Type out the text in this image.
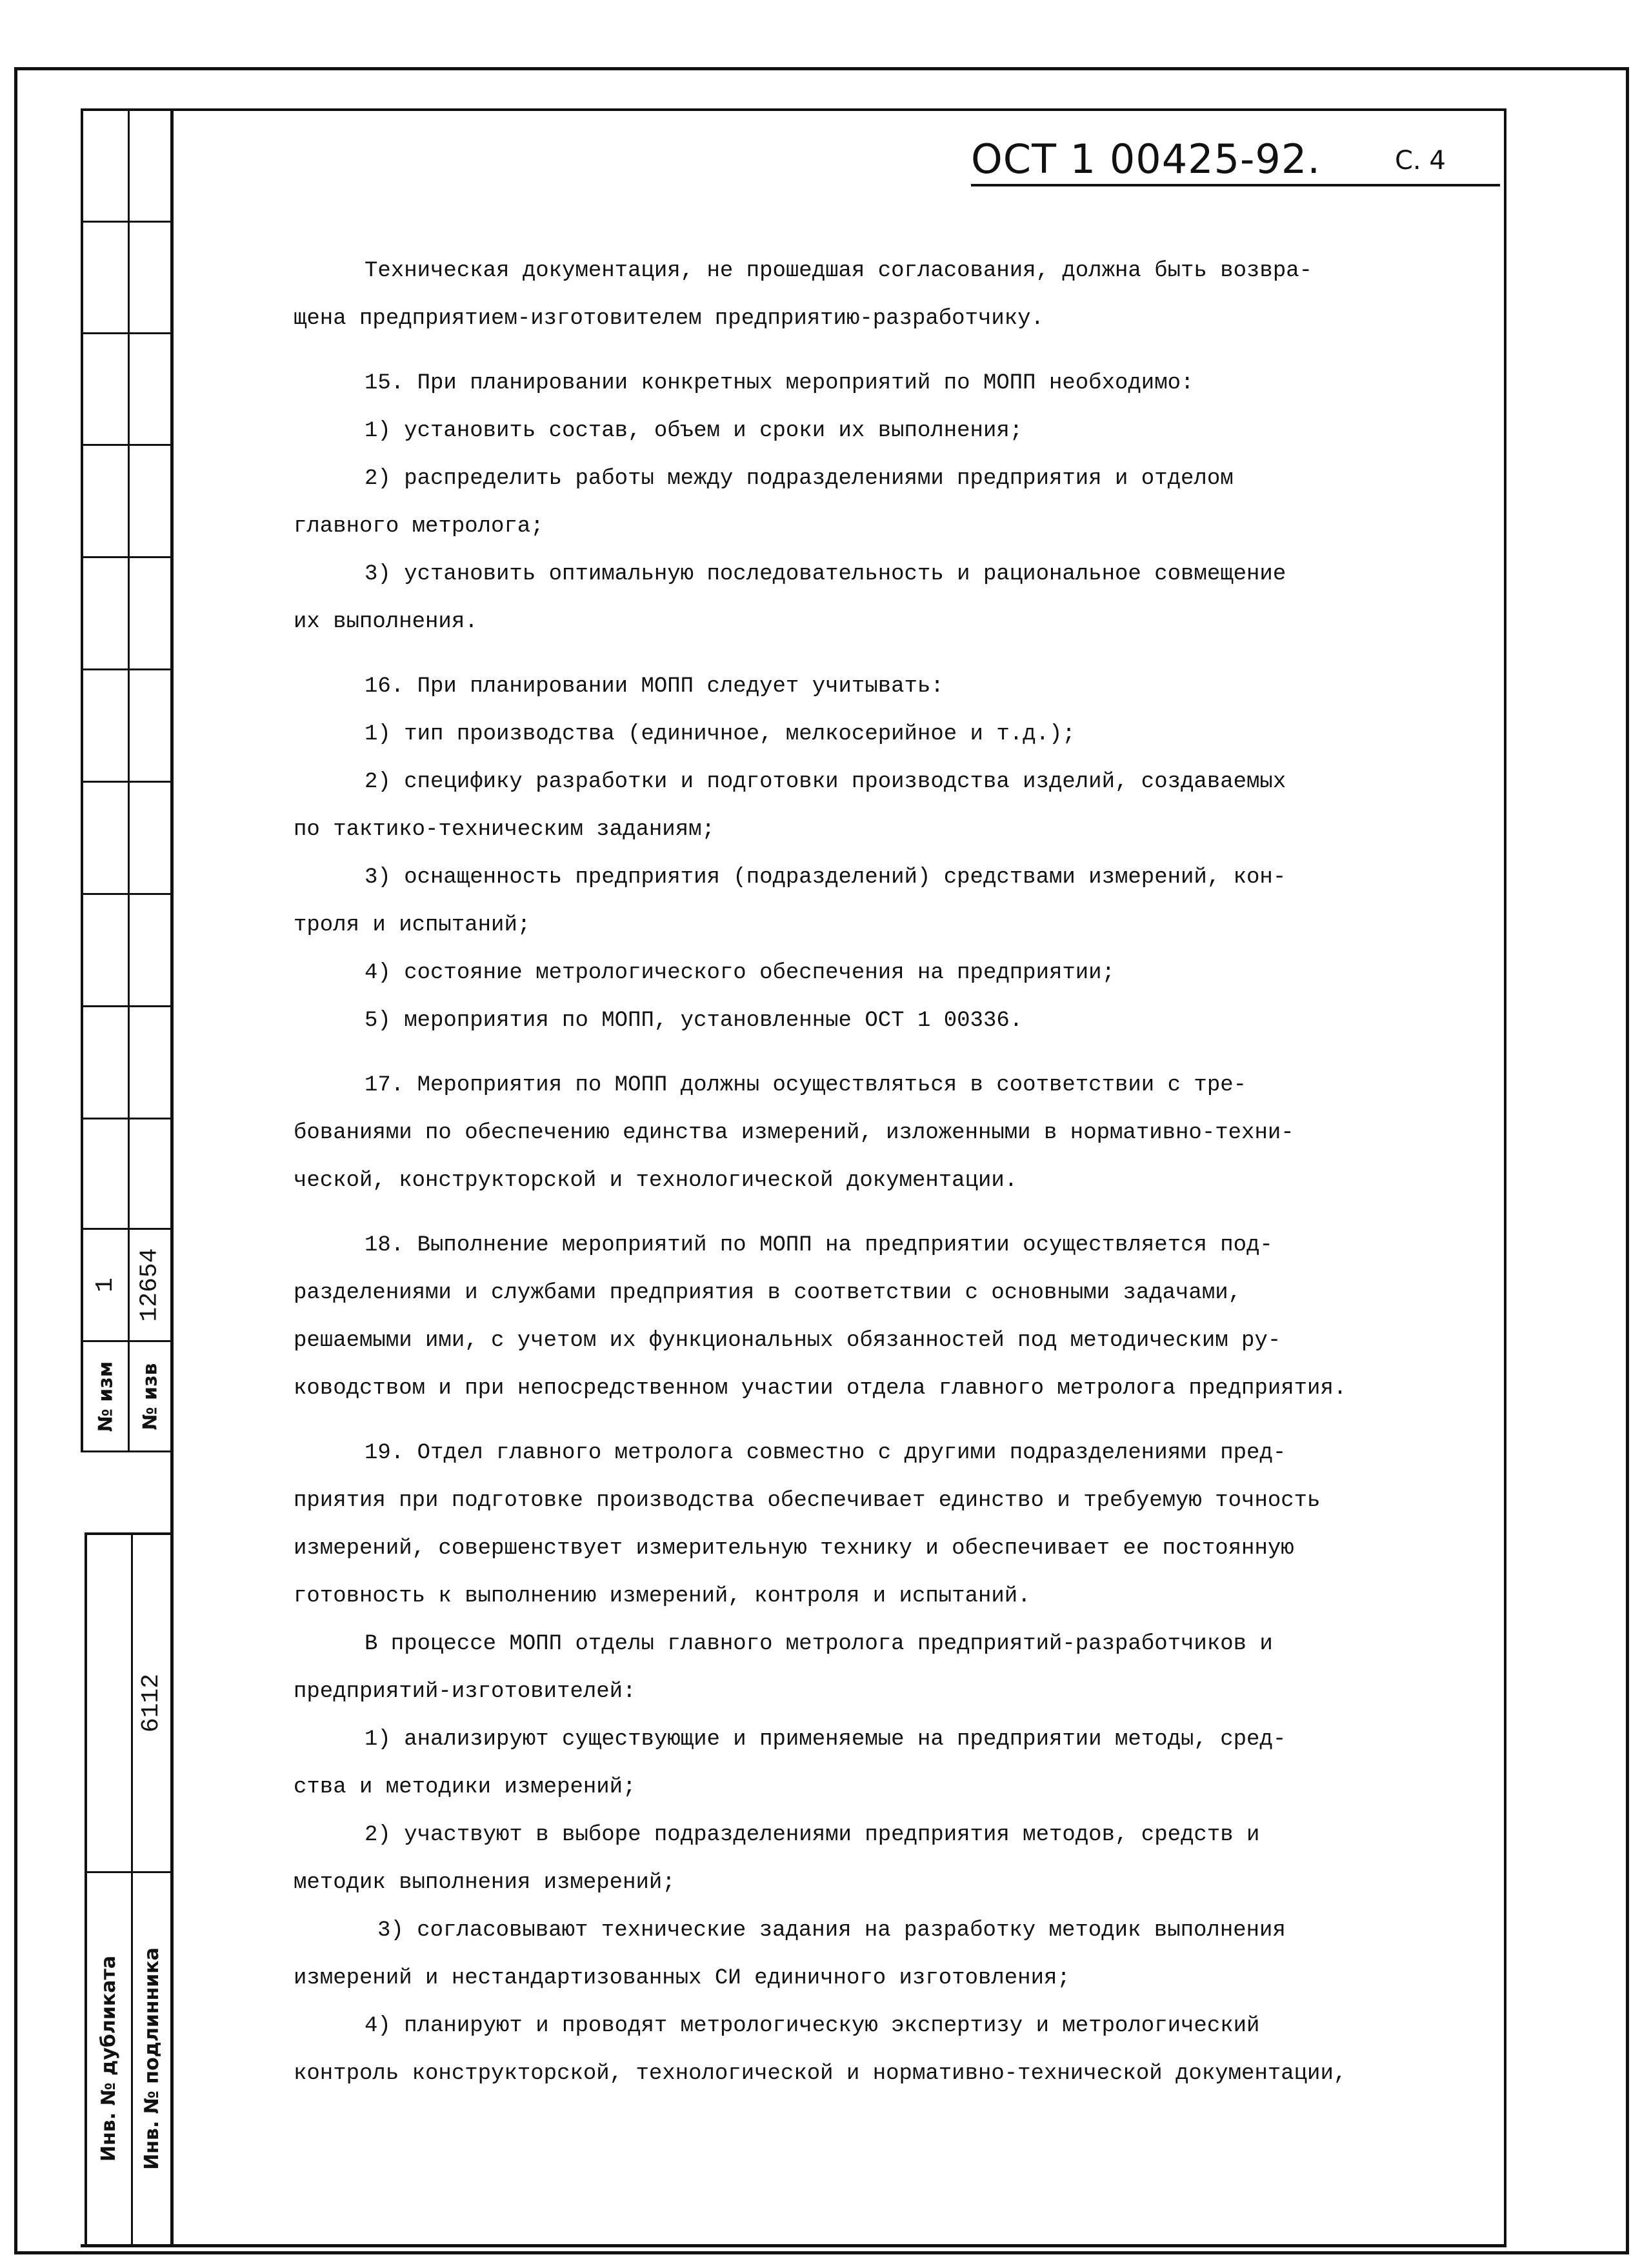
1 12654
№ изм № изв
6112
Инв. № дубликата Инв. № подлинника
ОСТ 1 00425-92.	С. 4
Техническая документация, не прошедшая согласования, должна быть возвра-
щена предприятием-изготовителем предприятию-разработчику.
15. При планировании конкретных мероприятий по МОПП необходимо:
1) установить состав, объем и сроки их выполнения;
2) распределить работы между подразделениями предприятия и отделом
главного метролога;
3) установить оптимальную последовательность и рациональное совмещение
их выполнения.
16. При планировании МОПП следует учитывать:
1) тип производства (единичное, мелкосерийное и т.д.);
2) специфику разработки и подготовки производства изделий, создаваемых
по тактико-техническим заданиям;
3) оснащенность предприятия (подразделений) средствами измерений, кон-
троля и испытаний;
4) состояние метрологического обеспечения на предприятии;
5) мероприятия по МОПП, установленные ОСТ 1 00336.
17. Мероприятия по МОПП должны осуществляться в соответствии с тре-
бованиями по обеспечению единства измерений, изложенными в нормативно-техни-
ческой, конструкторской и технологической документации.
18. Выполнение мероприятий по МОПП на предприятии осуществляется под-
разделениями и службами предприятия в соответствии с основными задачами,
решаемыми ими, с учетом их функциональных обязанностей под методическим ру-
ководством и при непосредственном участии отдела главного метролога предприятия.
19. Отдел главного метролога совместно с другими подразделениями пред-
приятия при подготовке производства обеспечивает единство и требуемую точность
измерений, совершенствует измерительную технику и обеспечивает ее постоянную
готовность к выполнению измерений, контроля и испытаний.
В процессе МОПП отделы главного метролога предприятий-разработчиков и
предприятий-изготовителей:
1) анализируют существующие и применяемые на предприятии методы, сред-
ства и методики измерений;
2) участвуют в выборе подразделениями предприятия методов, средств и
методик выполнения измерений;
3) согласовывают технические задания на разработку методик выполнения
измерений и нестандартизованных СИ единичного изготовления;
4) планируют и проводят метрологическую экспертизу и метрологический
контроль конструкторской, технологической и нормативно-технической документации,
